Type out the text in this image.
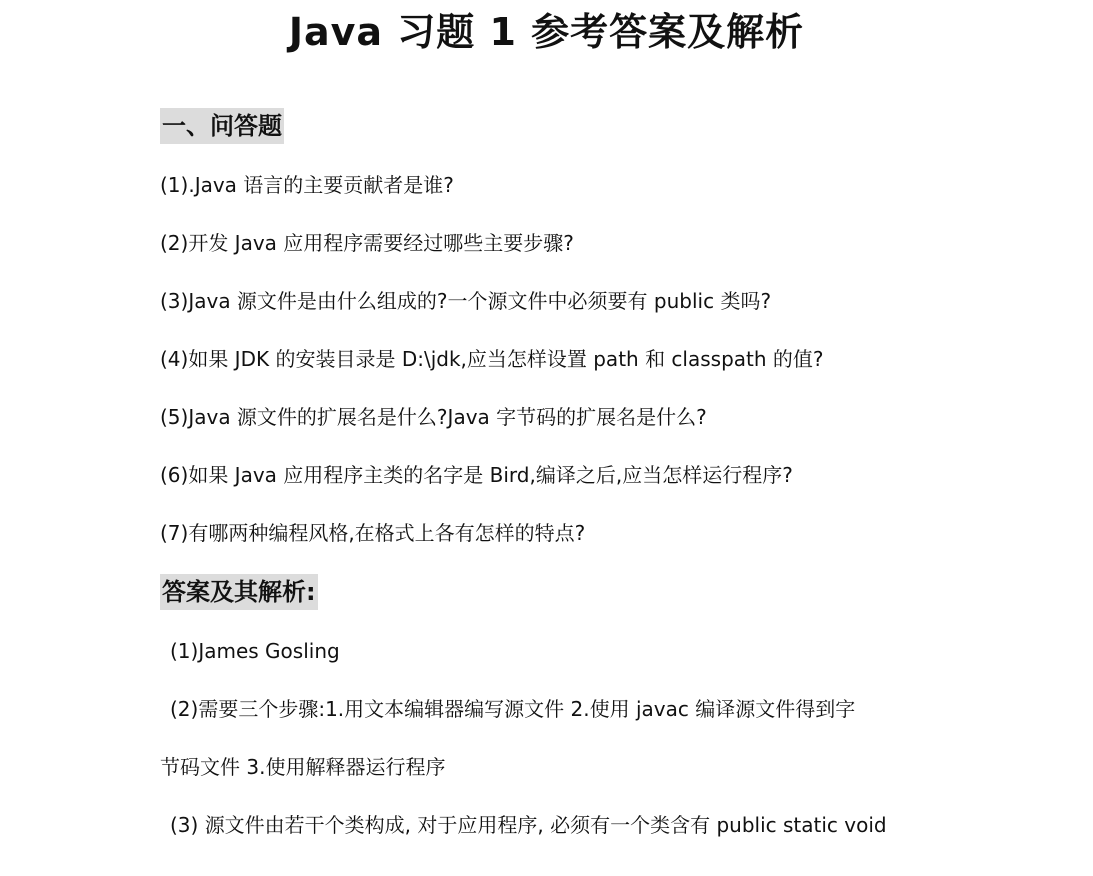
Java 习题 1 参考答案及解析
一、问答题
(1).Java 语言的主要贡献者是谁?
(2)开发 Java 应用程序需要经过哪些主要步骤?
(3)Java 源文件是由什么组成的?一个源文件中必须要有 public 类吗?
(4)如果 JDK 的安装目录是 D:\jdk,应当怎样设置 path 和 classpath 的值?
(5)Java 源文件的扩展名是什么?Java 字节码的扩展名是什么?
(6)如果 Java 应用程序主类的名字是 Bird,编译之后,应当怎样运行程序?
(7)有哪两种编程风格,在格式上各有怎样的特点?
答案及其解析:
(1)James Gosling
(2)需要三个步骤:1.用文本编辑器编写源文件 2.使用 javac 编译源文件得到字
节码文件 3.使用解释器运行程序
(3) 源文件由若干个类构成, 对于应用程序, 必须有一个类含有 public static void
